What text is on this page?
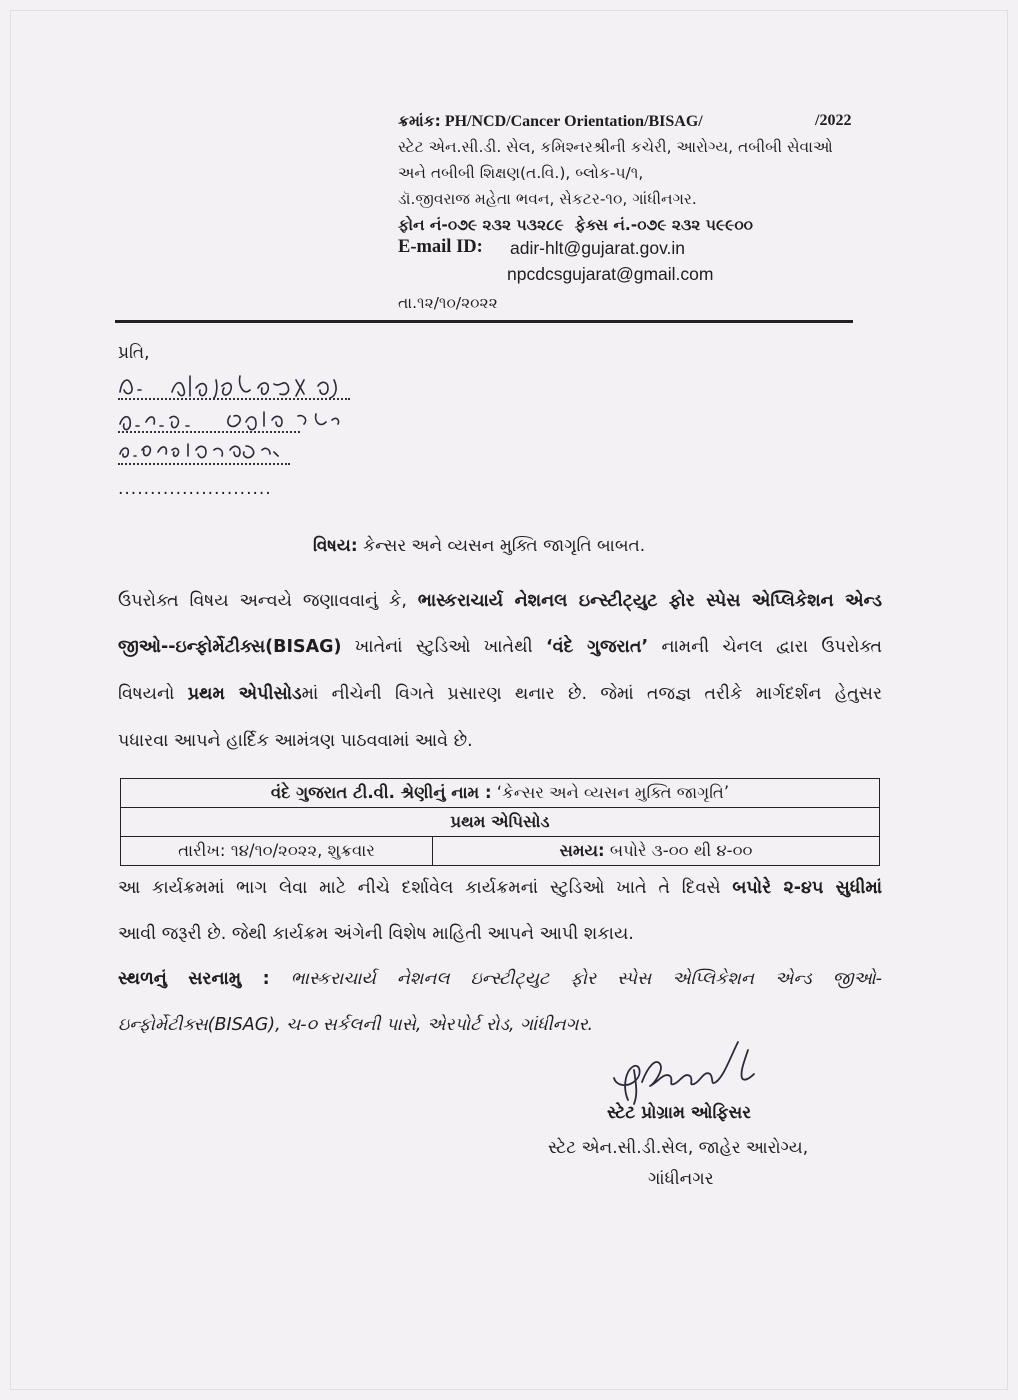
ક્રમાંક: PH/NCD/Cancer Orientation/BISAG/	/2022
સ્ટેટ એન.સી.ડી. સેલ, કમિશ્નરશ્રીની કચેરી, આરોગ્ય, તબીબી સેવાઓ
અને તબીબી શિક્ષણ(ત.વિ.), બ્લોક-૫/૧,
ડૉ.જીવરાજ મહેતા ભવન, સેકટર-૧૦, ગાંધીનગર.
ફોન નં-૦૭૯ ૨૩૨ ૫૩૨૮૯ ફેક્સ નં.-૦૭૯ ૨૩૨ ૫૯૯૦૦
E-mail ID: adir-hlt@gujarat.gov.in
npcdcsgujarat@gmail.com
તા.૧૨/૧૦/૨૦૨૨
પ્રતિ,
........................
વિષય: કેન્સર અને વ્યસન મુક્તિ જાગૃતિ બાબત.
ઉપરોક્ત વિષય અન્વયે જણાવવાનું કે, ભાસ્કરાચાર્ય નેશનલ ઇન્સ્ટીટ્યુટ ફોર સ્પેસ એપ્લિકેશન એન્ડ
જીઓ--ઇન્ફોર્મેટીક્સ(BISAG) ખાતેનાં સ્ટુડિઓ ખાતેથી ‘વંદે ગુજરાત’ નામની ચેનલ દ્વારા ઉપરોક્ત
વિષયનો પ્રથમ એપીસોડમાં નીચેની વિગતે પ્રસારણ થનાર છે. જેમાં તજજ્ઞ તરીકે માર્ગદર્શન હેતુસર
પધારવા આપને હાર્દિક આમંત્રણ પાઠવવામાં આવે છે.
વંદે ગુજરાત ટી.વી. શ્રેણીનું નામ : ‘કેન્સર અને વ્યસન મુક્તિ જાગૃતિ’
પ્રથમ એપિસોડ
તારીખ: ૧૪/૧૦/૨૦૨૨, શુક્રવાર	સમય: બપોરે ૩-૦૦ થી ૪-૦૦
આ કાર્યક્રમમાં ભાગ લેવા માટે નીચે દર્શાવેલ કાર્યક્રમનાં સ્ટુડિઓ ખાતે તે દિવસે બપોરે ૨-૪૫ સુધીમાં
આવી જરૂરી છે. જેથી કાર્યક્રમ અંગેની વિશેષ માહિતી આપને આપી શકાય.
સ્થળનું સરનામુ : ભાસ્કરાચાર્ય નેશનલ ઇન્સ્ટીટ્યુટ ફોર સ્પેસ એપ્લિકેશન એન્ડ જીઓ-
ઇન્ફોર્મેટીક્સ(BISAG), ચ-૦ સર્કલની પાસે, એરપોર્ટ રોડ, ગાંધીનગર.
સ્ટેટ પ્રોગ્રામ ઓફિસર
સ્ટેટ એન.સી.ડી.સેલ, જાહેર આરોગ્ય,
ગાંધીનગર
